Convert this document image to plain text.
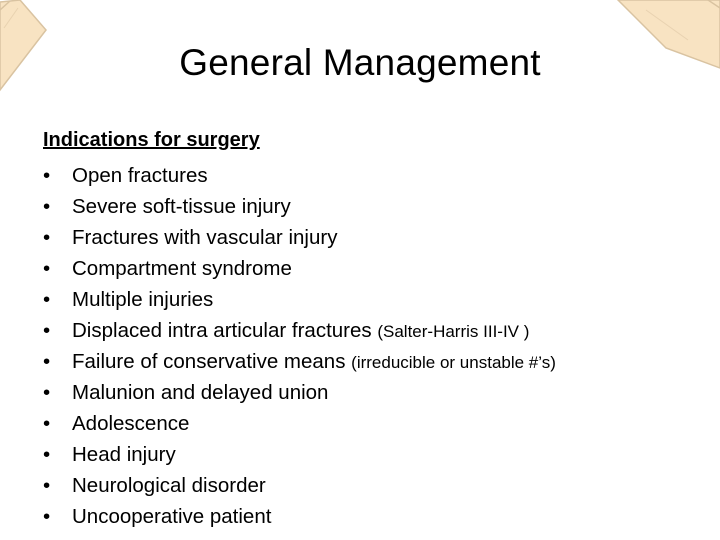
General Management
Indications for surgery
• Open fractures
• Severe soft-tissue injury
• Fractures with vascular injury
• Compartment syndrome
• Multiple injuries
• Displaced intra articular fractures (Salter-Harris III-IV )
• Failure of conservative means (irreducible or unstable #’s)
• Malunion and delayed union
• Adolescence
• Head injury
• Neurological disorder
• Uncooperative patient
